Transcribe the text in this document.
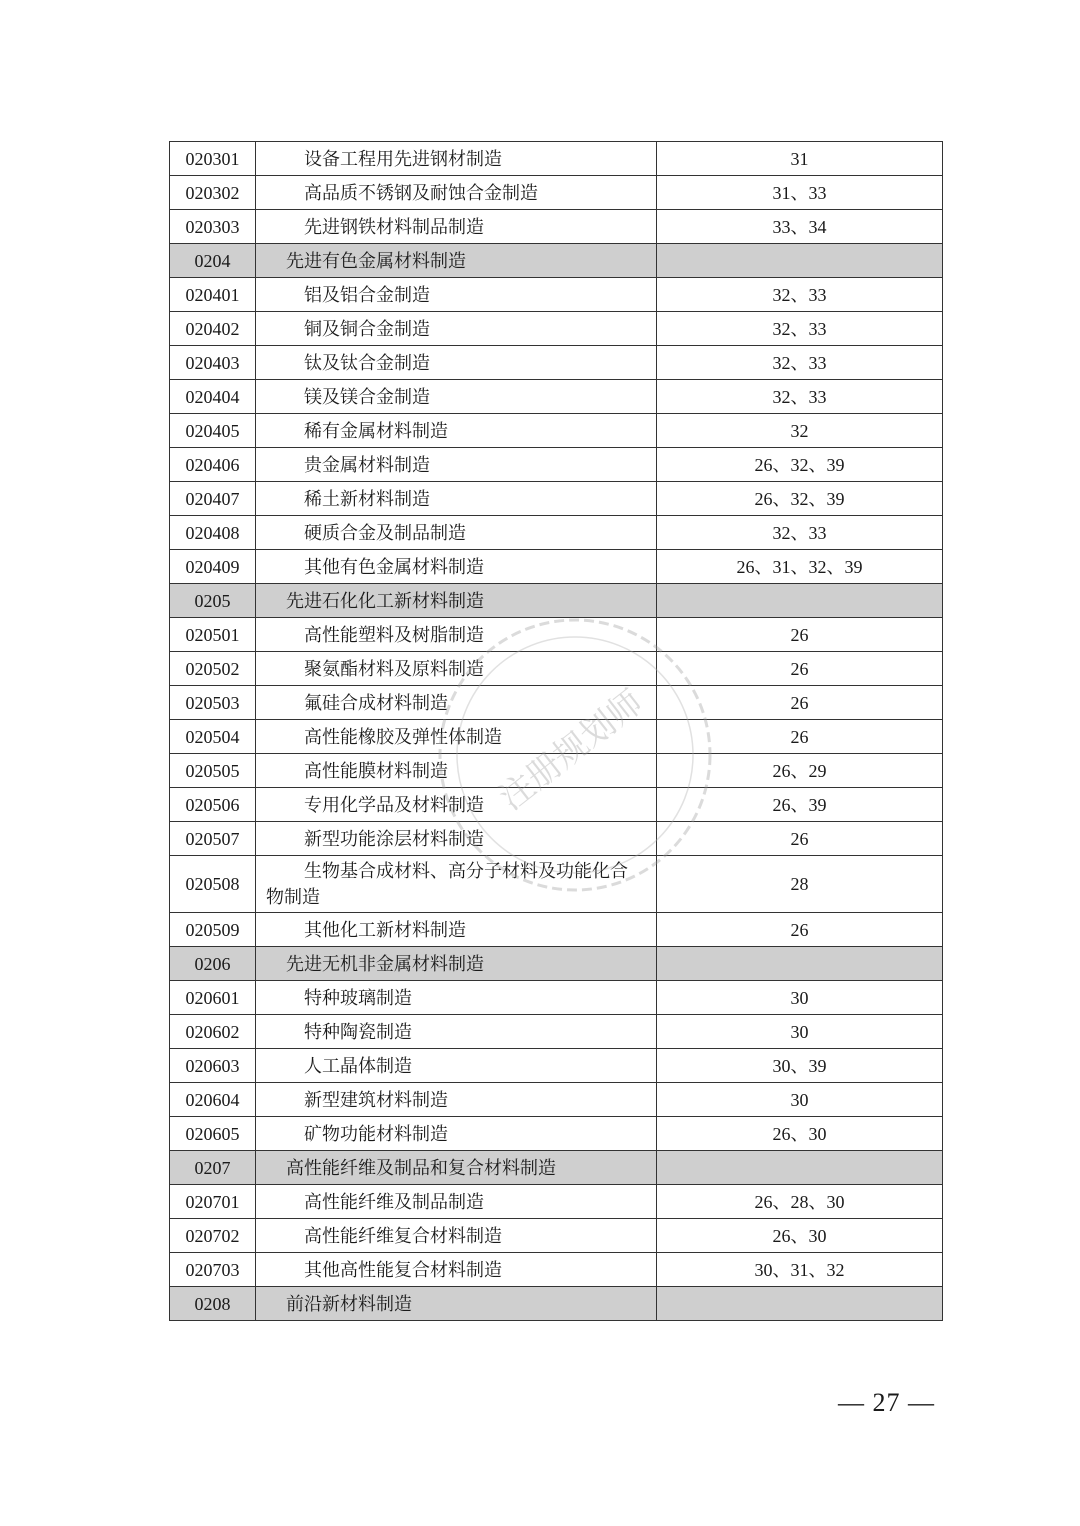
020301	设备工程用先进钢材制造	31
020302	高品质不锈钢及耐蚀合金制造	31、33
020303	先进钢铁材料制品制造	33、34
0204	先进有色金属材料制造	
020401	铝及铝合金制造	32、33
020402	铜及铜合金制造	32、33
020403	钛及钛合金制造	32、33
020404	镁及镁合金制造	32、33
020405	稀有金属材料制造	32
020406	贵金属材料制造	26、32、39
020407	稀土新材料制造	26、32、39
020408	硬质合金及制品制造	32、33
020409	其他有色金属材料制造	26、31、32、39
0205	先进石化化工新材料制造	
020501	高性能塑料及树脂制造	26
020502	聚氨酯材料及原料制造	26
020503	氟硅合成材料制造	26
020504	高性能橡胶及弹性体制造	26
020505	高性能膜材料制造	26、29
020506	专用化学品及材料制造	26、39
020507	新型功能涂层材料制造	26
020508	生物基合成材料、高分子材料及功能化合
物制造	28
020509	其他化工新材料制造	26
0206	先进无机非金属材料制造	
020601	特种玻璃制造	30
020602	特种陶瓷制造	30
020603	人工晶体制造	30、39
020604	新型建筑材料制造	30
020605	矿物功能材料制造	26、30
0207	高性能纤维及制品和复合材料制造	
020701	高性能纤维及制品制造	26、28、30
020702	高性能纤维复合材料制造	26、30
020703	其他高性能复合材料制造	30、31、32
0208	前沿新材料制造	
注册规划师
— 27 —
